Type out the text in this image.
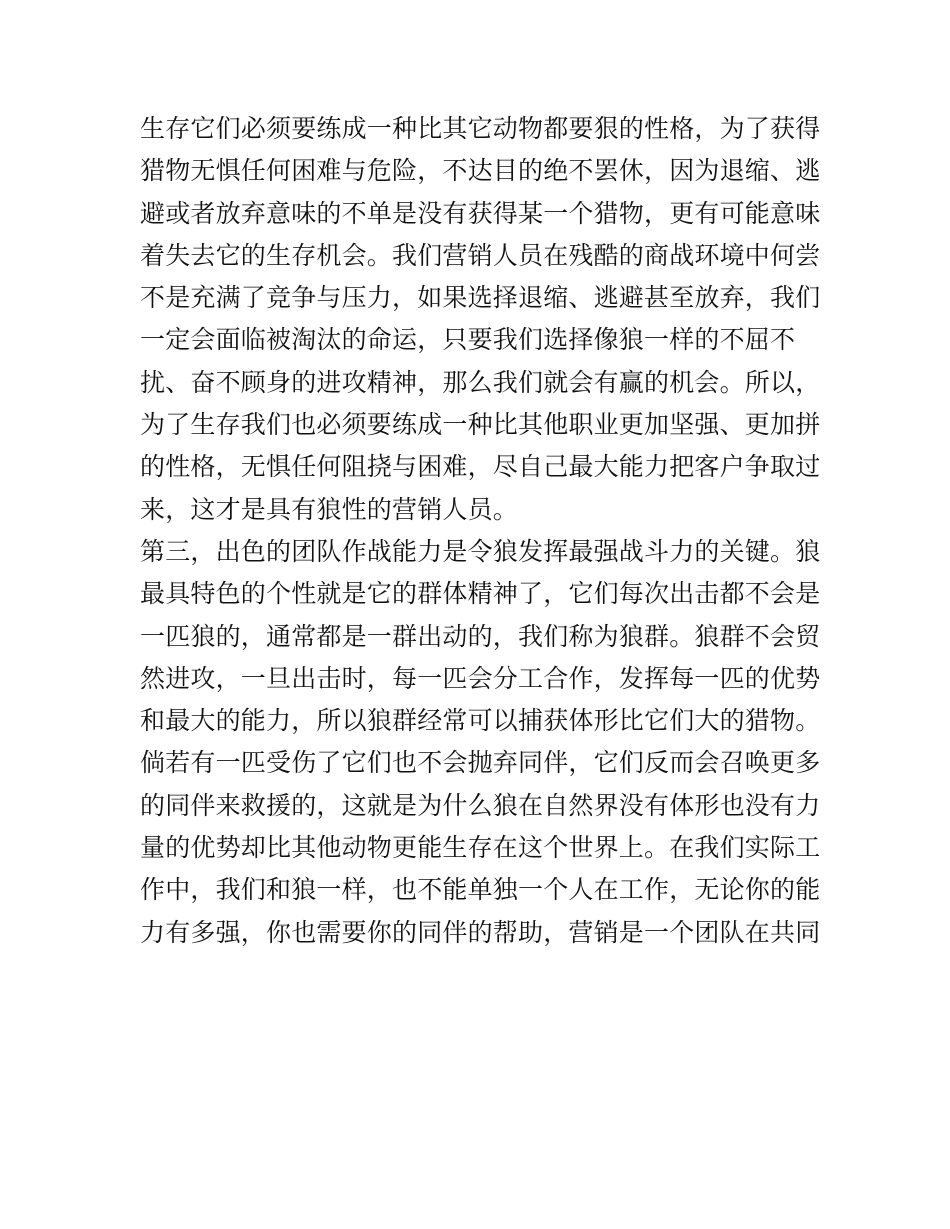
生存它们必须要练成一种比其它动物都要狠的性格，为了获得
猎物无惧任何困难与危险，不达目的绝不罢休，因为退缩、逃
避或者放弃意味的不单是没有获得某一个猎物，更有可能意味
着失去它的生存机会。我们营销人员在残酷的商战环境中何尝
不是充满了竞争与压力，如果选择退缩、逃避甚至放弃，我们
一定会面临被淘汰的命运，只要我们选择像狼一样的不屈不
扰、奋不顾身的进攻精神，那么我们就会有赢的机会。所以，
为了生存我们也必须要练成一种比其他职业更加坚强、更加拼
的性格，无惧任何阻挠与困难，尽自己最大能力把客户争取过
来，这才是具有狼性的营销人员。
第三，出色的团队作战能力是令狼发挥最强战斗力的关键。狼
最具特色的个性就是它的群体精神了，它们每次出击都不会是
一匹狼的，通常都是一群出动的，我们称为狼群。狼群不会贸
然进攻，一旦出击时，每一匹会分工合作，发挥每一匹的优势
和最大的能力，所以狼群经常可以捕获体形比它们大的猎物。
倘若有一匹受伤了它们也不会抛弃同伴，它们反而会召唤更多
的同伴来救援的，这就是为什么狼在自然界没有体形也没有力
量的优势却比其他动物更能生存在这个世界上。在我们实际工
作中，我们和狼一样，也不能单独一个人在工作，无论你的能
力有多强，你也需要你的同伴的帮助，营销是一个团队在共同
